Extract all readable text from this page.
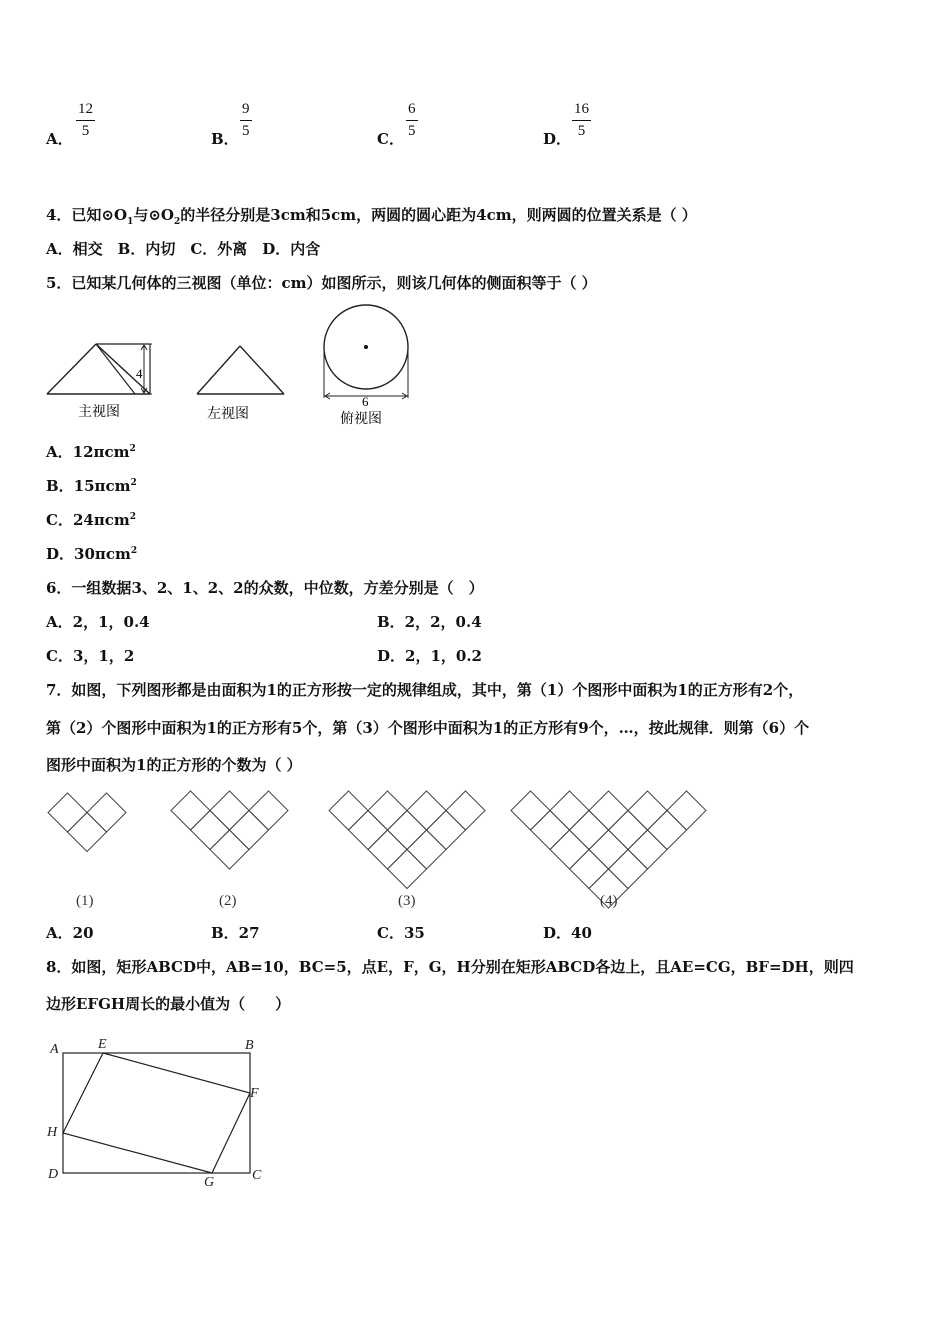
A． $\frac{12}{5}$	B． $\frac{9}{5}$	C． $\frac{6}{5}$	D． $\frac{16}{5}$
4．已知$⊙O_1$与$⊙O_2$的半径分别是3cm和5cm，两圆的圆心距为4cm，则两圆的位置关系是（ ）
A．相交　B．内切　C．外离　D．内含
5．已知某几何体的三视图（单位：cm）如图所示，则该几何体的侧面积等于（ ）
4
主视图	左视图
6
俯视图
A．12πcm$^2$
B．15πcm$^2$
C．24πcm$^2$
D．30πcm$^2$
6．一组数据3、2、1、2、2的众数，中位数，方差分别是（　）
A．2，1，0.4	B．2，2，0.4
C．3，1，2	D．2，1，0.2
7．如图，下列图形都是由面积为1的正方形按一定的规律组成，其中，第（1）个图形中面积为1的正方形有2个，
第（2）个图形中面积为1的正方形有5个，第（3）个图形中面积为1的正方形有9个，…，按此规律．则第（6）个
图形中面积为1的正方形的个数为（ ）
(1)	(2)	(3)	(4)
A．20	B．27	C．35	D．40
8．如图，矩形ABCD中，AB=10，BC=5，点E，F，G，H分别在矩形ABCD各边上，且AE=CG，BF=DH，则四
边形EFGH周长的最小值为（　　）
A	E	B
F
H
D
G	C
